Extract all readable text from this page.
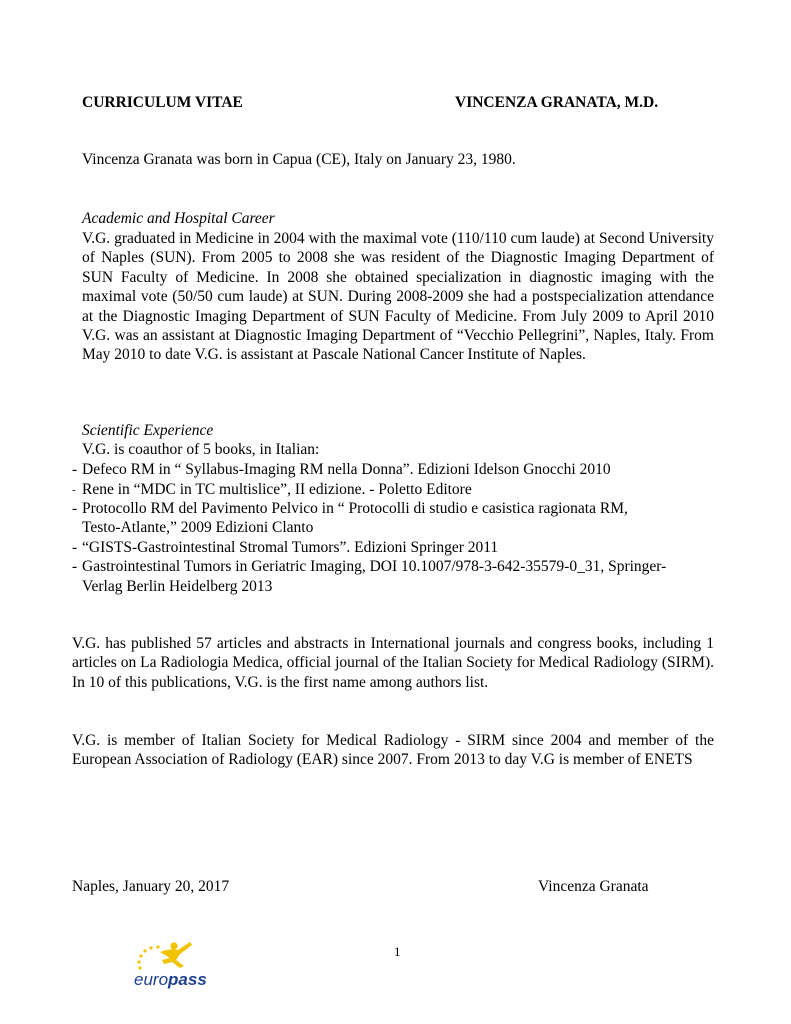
CURRICULUM VITAE	VINCENZA GRANATA, M.D.

Vincenza Granata was born in Capua (CE), Italy on January 23, 1980.

Academic and Hospital Career

V.G. graduated in Medicine in 2004 with the maximal vote (110/110 cum laude) at Second University of Naples (SUN). From 2005 to 2008 she was resident of the Diagnostic Imaging Department of SUN Faculty of Medicine. In 2008 she obtained specialization in diagnostic imaging with the maximal vote (50/50 cum laude) at SUN. During 2008-2009 she had a postspecialization attendance at the Diagnostic Imaging Department of SUN Faculty of Medicine. From July 2009 to April 2010 V.G. was an assistant at Diagnostic Imaging Department of “Vecchio Pellegrini”, Naples, Italy. From May 2010 to date V.G. is assistant at Pascale National Cancer Institute of Naples.

Scientific Experience

V.G. is coauthor of 5 books, in Italian:

- Defeco RM in “ Syllabus-Imaging RM nella Donna”. Edizioni Idelson Gnocchi 2010

- Rene in “MDC in TC multislice”, II edizione. - Poletto Editore

- Protocollo RM del Pavimento Pelvico in “ Protocolli di studio e casistica ragionata RM,

Testo-Atlante,” 2009 Edizioni Clanto

- “GISTS-Gastrointestinal Stromal Tumors”. Edizioni Springer 2011

- Gastrointestinal Tumors in Geriatric Imaging, DOI 10.1007/978-3-642-35579-0_31, Springer-

Verlag Berlin Heidelberg 2013

V.G. has published 57 articles and abstracts in International journals and congress books, including 1 articles on La Radiologia Medica, official journal of the Italian Society for Medical Radiology (SIRM). In 10 of this publications, V.G. is the first name among authors list.

V.G. is member of Italian Society for Medical Radiology - SIRM since 2004 and member of the European Association of Radiology (EAR) since 2007. From 2013 to day V.G is member of ENETS

Naples, January 20, 2017	Vincenza Granata

1

europass
